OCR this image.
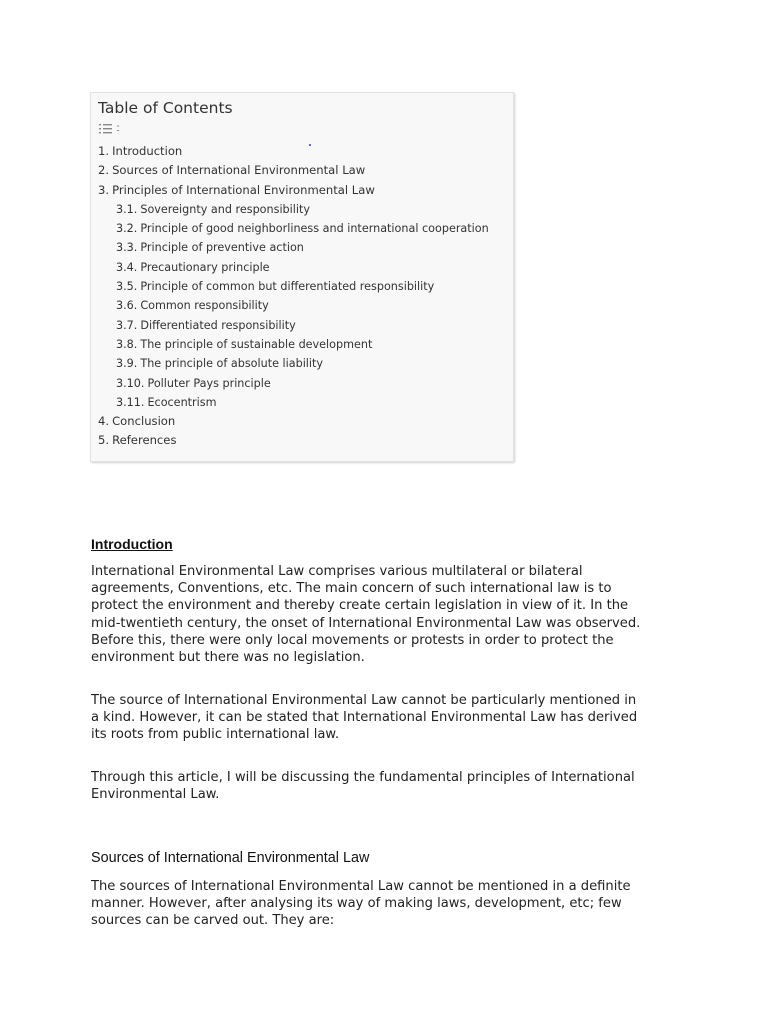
Table of Contents
1. Introduction
2. Sources of International Environmental Law
3. Principles of International Environmental Law
3.1. Sovereignty and responsibility
3.2. Principle of good neighborliness and international cooperation
3.3. Principle of preventive action
3.4. Precautionary principle
3.5. Principle of common but differentiated responsibility
3.6. Common responsibility
3.7. Differentiated responsibility
3.8. The principle of sustainable development
3.9. The principle of absolute liability
3.10. Polluter Pays principle
3.11. Ecocentrism
4. Conclusion
5. References
Introduction

International Environmental Law comprises various multilateral or bilateral
agreements, Conventions, etc. The main concern of such international law is to
protect the environment and thereby create certain legislation in view of it. In the
mid-twentieth century, the onset of International Environmental Law was observed.
Before this, there were only local movements or protests in order to protect the
environment but there was no legislation.

The source of International Environmental Law cannot be particularly mentioned in
a kind. However, it can be stated that International Environmental Law has derived
its roots from public international law.

Through this article, I will be discussing the fundamental principles of International
Environmental Law.

Sources of International Environmental Law

The sources of International Environmental Law cannot be mentioned in a definite
manner. However, after analysing its way of making laws, development, etc; few
sources can be carved out. They are:
